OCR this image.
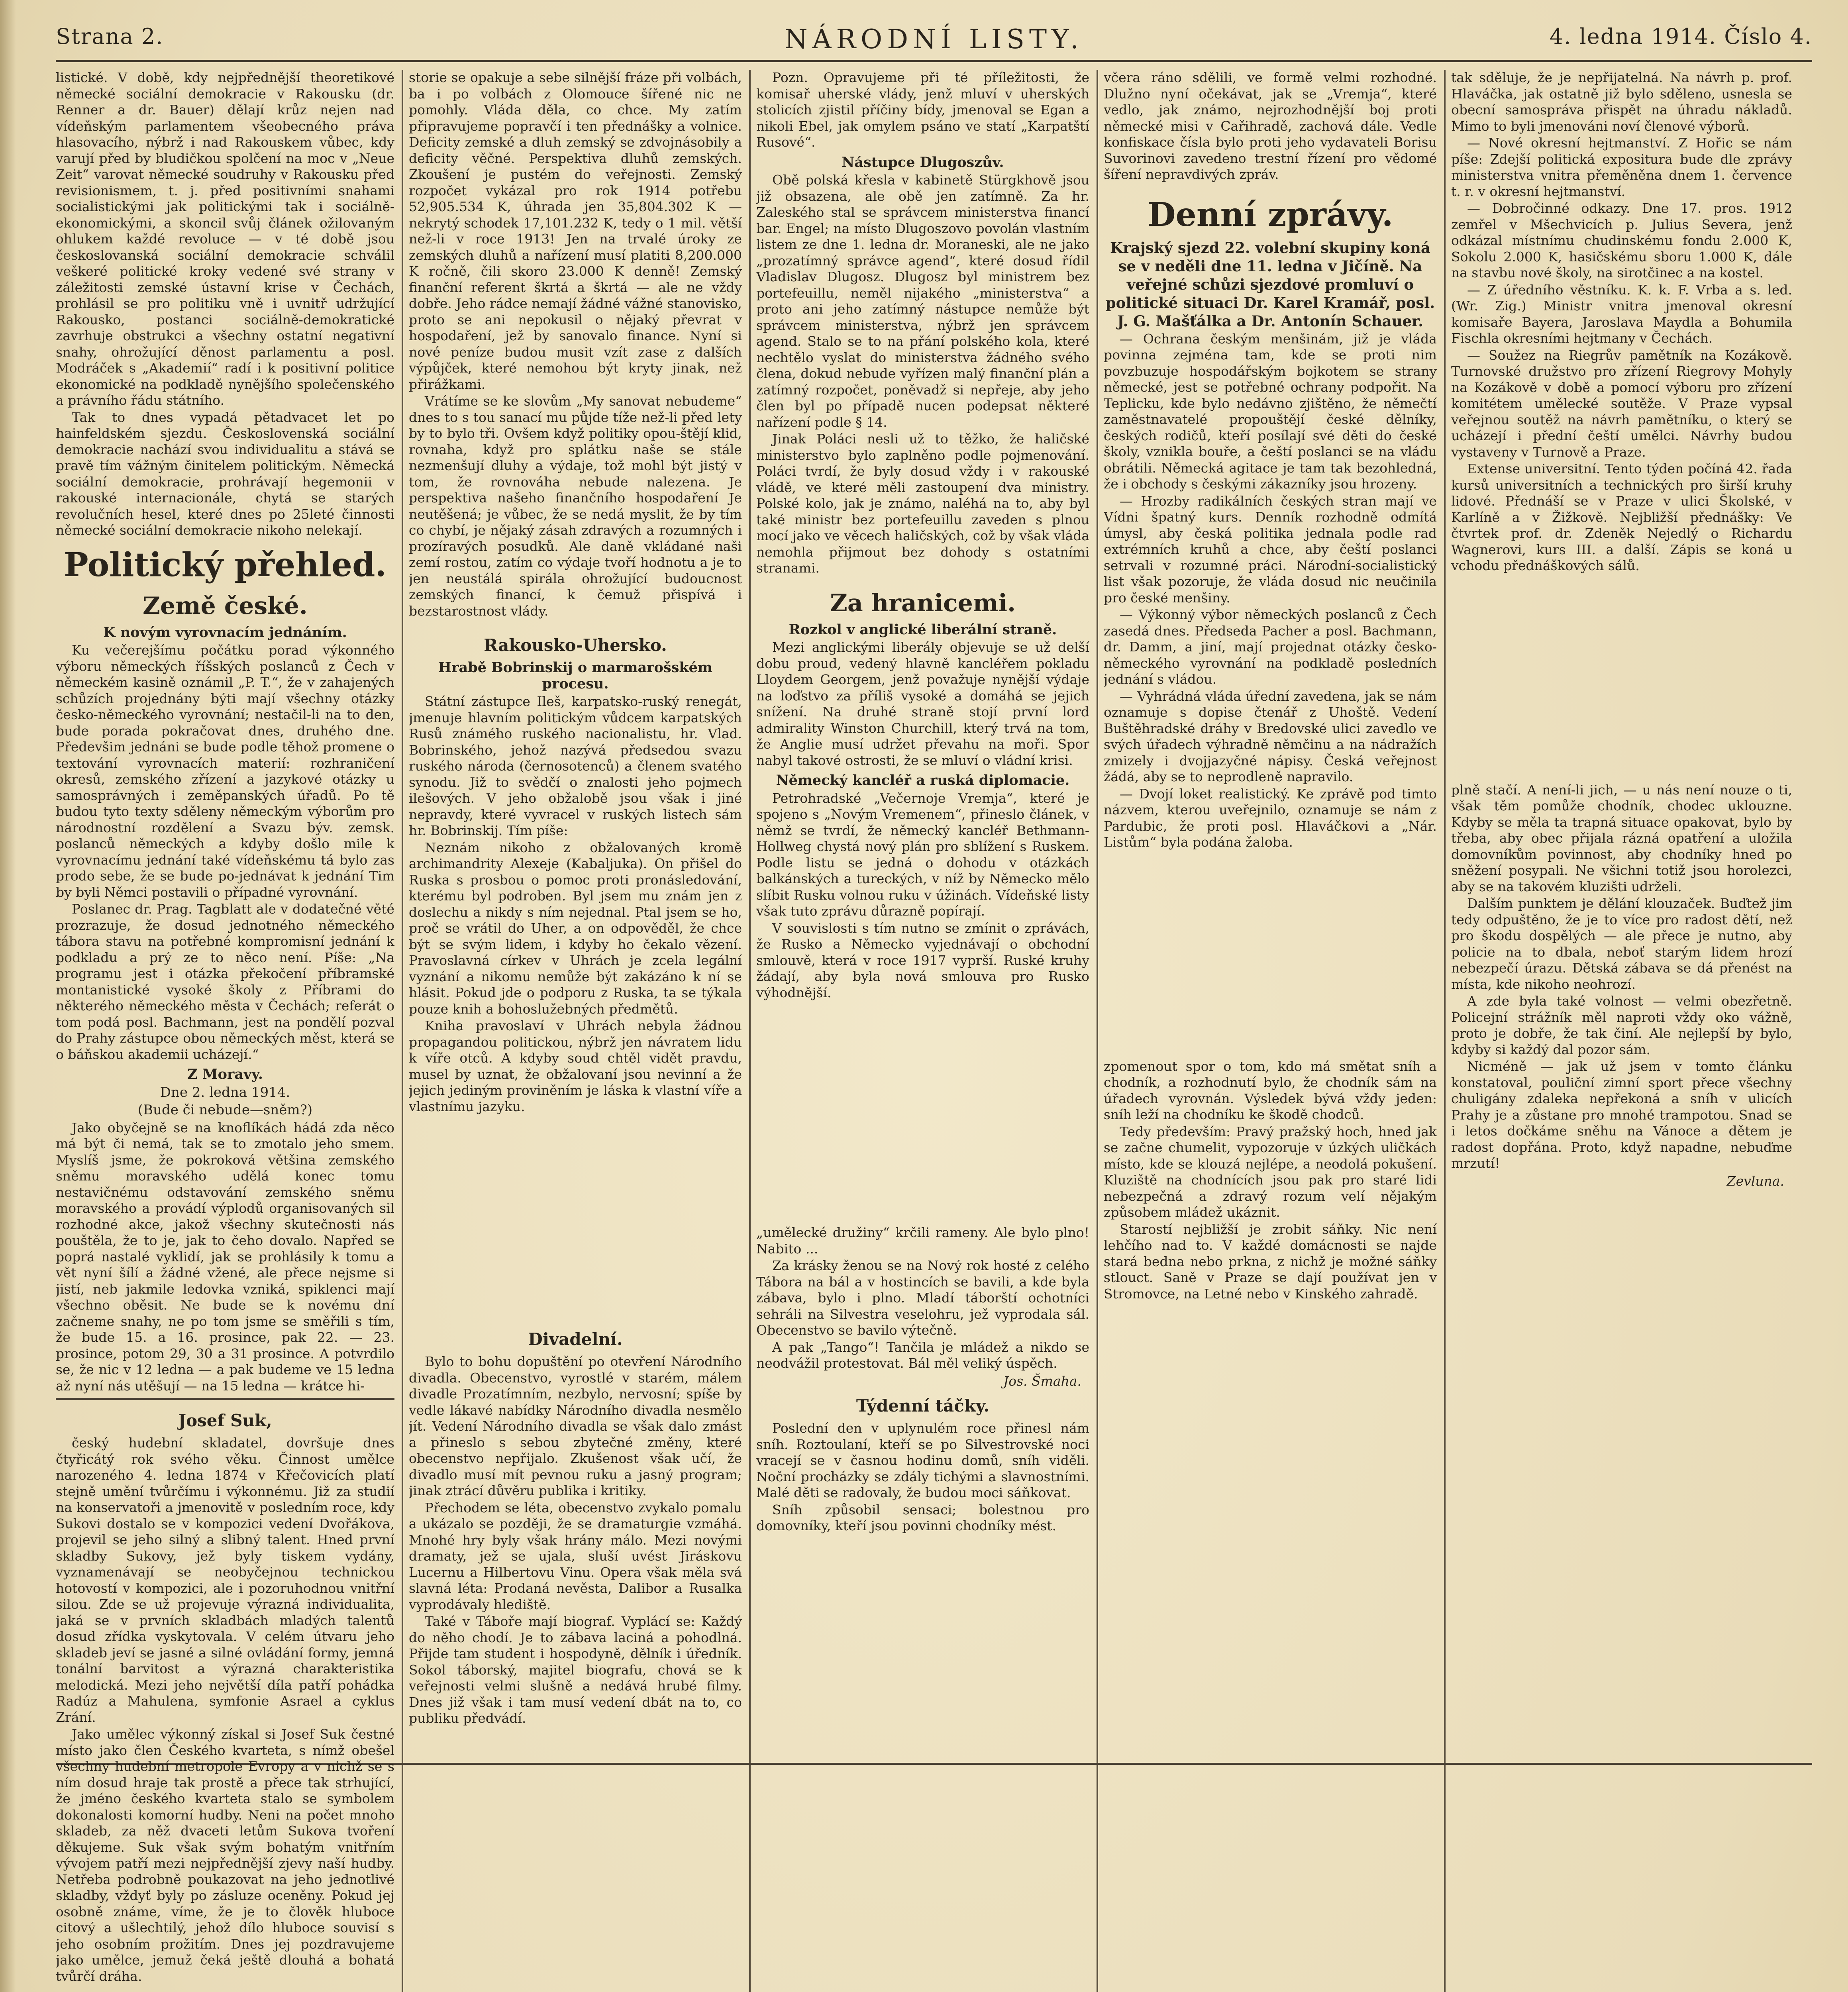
Strana 2.	NÁRODNÍ LISTY.	4. ledna 1914. Číslo 4.

listické. V době, kdy nejpřednější theoretikové německé sociální demokracie v Rakousku (dr. Renner a dr. Bauer) dělají krůz nejen nad vídeňským parlamentem všeobecného práva hlasovacího, nýbrž i nad Rakouskem vůbec, kdy varují před by bludičkou spolčení na moc v „Neue Zeit“ varovat německé soudruhy v Rakousku před revisionismem, t. j. před positivními snahami socialistickými jak politickými tak i sociálně-ekonomickými, a skoncil svůj článek ožilovaným ohlukem každé revoluce — v té době jsou českoslovanská sociální demokracie schválil veškeré politické kroky vedené své strany v záležitosti zemské ústavní krise v Čechách, prohlásil se pro politiku vně i uvnitř udržující Rakousko, postanci sociálně-demokratické zavrhuje obstrukci a všechny ostatní negativní snahy, ohrožující děnost parlamentu a posl. Modráček s „Akademií“ radí i k positivní politice ekonomické na podkladě nynějšího společenského a právního řádu státního.

Tak to dnes vypadá pětadvacet let po hainfeldském sjezdu. Československá sociální demokracie nachází svou individualitu a stává se pravě tím vážným činitelem politickým. Německá sociální demokracie, prohrávají hegemonii v rakouské internacionále, chytá se starých revolučních hesel, které dnes po 25leté činnosti německé sociální demokracie nikoho nelekají.

Politický přehled.
Země české.
K novým vyrovnacím jednáním.

Ku večerejšímu počátku porad výkonného výboru německých říšských poslanců z Čech v německém kasině oznámil „P. T.“, že v zahajených schůzích projednány býti mají všechny otázky česko-německého vyrovnání; nestačil-li na to den, bude porada pokračovat dnes, druhého dne. Předevšim jednáni se bude podle těhož promene o textování vyrovnacích materií: rozhraničení okresů, zemského zřízení a jazykové otázky u samosprávných i zeměpanských úřadů. Po tě budou tyto texty sděleny německým výborům pro národnostní rozdělení a Svazu býv. zemsk. poslanců německých a kdyby došlo mile k vyrovnacímu jednání také vídeňskému tá bylo zas prodo sebe, že se bude po-jednávat k jednání Tim by byli Němci postavili o případné vyrovnání.

Poslanec dr. Prag. Tagblatt ale v dodatečné věté prozrazuje, že dosud jednotného německého tábora stavu na potřebné kompromisní jednání k podkladu a prý ze to něco není. Píše: „Na programu jest i otázka překočení příbramské montanistické vysoké školy z Příbrami do některého německého města v Čechách; referát o tom podá posl. Bachmann, jest na pondělí pozval do Prahy zástupce obou německých měst, která se o báňskou akademii ucházejí.“

Z Moravy.
Dne 2. ledna 1914.
(Bude či nebude—sněm?)

Jako obyčejně se na knoflíkách hádá zda něco má být či nemá, tak se to zmotalo jeho smem. Myslíš jsme, že pokroková většina zemského sněmu moravského udělá konec tomu nestavičnému odstavování zemského sněmu moravského a provádí výplodů organisovaných sil rozhodné akce, jakož všechny skutečnosti nás pouštěla, že to je, jak to čeho dovalo. Napřed se poprá nastalé vyklidí, jak se prohlásily k tomu a vět nyní šílí a žádné vžené, ale přece nejsme si jistí, neb jakmile ledovka vzniká, spiklenci mají všechno oběsit. Ne bude se k novému dní začneme snahy, ne po tom jsme se směřili s tím, že bude 15. a 16. prosince, pak 22. — 23. prosince, potom 29, 30 a 31 prosince. A potvrdilo se, že nic v 12 ledna — a pak budeme ve 15 ledna až nyní nás utěšují — na 15 ledna — krátce hi-

Josef Suk,

český hudební skladatel, dovršuje dnes čtyřicátý rok svého věku. Činnost umělce narozeného 4. ledna 1874 v Křečovicích platí stejně umění tvůrčímu i výkonnému. Již za studií na konservatoři a jmenovitě v posledním roce, kdy Sukovi dostalo se v kompozici vedení Dvořákova, projevil se jeho silný a slibný talent. Hned první skladby Sukovy, jež byly tiskem vydány, vyznamenávají se neobyčejnou technickou hotovostí v kompozici, ale i pozoruhodnou vnitřní silou. Zde se už projevuje výrazná individualita, jaká se v prvních skladbách mladých talentů dosud zřídka vyskytovala. V celém útvaru jeho skladeb jeví se jasné a silné ovládání formy, jemná tonální barvitost a výrazná charakteristika melodická. Mezi jeho největší díla patří pohádka Radúz a Mahulena, symfonie Asrael a cyklus Zrání.

Jako umělec výkonný získal si Josef Suk čestné místo jako člen Českého kvarteta, s nímž obešel všechny hudební metropole Evropy a v nichž se s ním dosud hraje tak prostě a přece tak strhující, že jméno českého kvarteta stalo se symbolem dokonalosti komorní hudby. Neni na počet mnoho skladeb, za něž dvaceti letům Sukova tvoření děkujeme. Suk však svým bohatým vnitřním vývojem patří mezi nejpřednější zjevy naší hudby. Netřeba podrobně poukazovat na jeho jednotlivé skladby, vždyť byly po zásluze oceněny. Pokud jej osobně známe, víme, že je to člověk hluboce citový a ušlechtilý, jehož dílo hluboce souvisí s jeho osobním prožitím. Dnes jej pozdravujeme jako umělce, jemuž čeká ještě dlouhá a bohatá tvůrčí dráha.

storie se opakuje a sebe silnější fráze při volbách, ba i po volbách z Olomouce šířené nic ne pomohly. Vláda děla, co chce. My zatím připravujeme popravčí i ten přednášky a volnice. Deficity zemské a dluh zemský se zdvojnásobily a deficity věčné. Perspektiva dluhů zemských. Zkoušení je pustém do veřejnosti. Zemský rozpočet vykázal pro rok 1914 potřebu 52,905.534 K, úhrada jen 35,804.302 K — nekrytý schodek 17,101.232 K, tedy o 1 mil. větší než-li v roce 1913! Jen na trvalé úroky ze zemských dluhů a nařízení musí platiti 8,200.000 K ročně, čili skoro 23.000 K denně! Zemský finanční referent škrtá a škrtá — ale ne vždy dobře. Jeho rádce nemají žádné vážné stanovisko, proto se ani nepokusil o nějaký převrat v hospodaření, jež by sanovalo finance. Nyní si nové peníze budou musit vzít zase z dalších výpůjček, které nemohou být kryty jinak, než přirážkami.

Vrátíme se ke slovům „My sanovat nebudeme“ dnes to s tou sanací mu půjde tíže než-li před lety by to bylo tři. Ovšem když politiky opou-štějí klid, rovnaha, když pro splátku naše se stále nezmenšují dluhy a výdaje, tož mohl být jistý v tom, že rovnováha nebude nalezena. Je perspektiva našeho finančního hospodaření Je neutěšená; je vůbec, že se nedá myslit, že by tím co chybí, je nějaký zásah zdravých a rozumných i prozíravých posudků. Ale daně vkládané naši zemí rostou, zatím co výdaje tvoří hodnotu a je to jen neustálá spirála ohrožující budoucnost zemských financí, k čemuž přispívá i bezstarostnost vlády.

Rakousko-Uhersko.
Hrabě Bobrinskij o marmarošském procesu.

Státní zástupce Ileš, karpatsko-ruský renegát, jmenuje hlavním politickým vůdcem karpatských Rusů známého ruského nacionalistu, hr. Vlad. Bobrinského, jehož nazývá předsedou svazu ruského národa (černosotenců) a členem svatého synodu. Již to svědčí o znalosti jeho pojmech ilešových. V jeho obžalobě jsou však i jiné nepravdy, které vyvracel v ruských listech sám hr. Bobrinskij. Tím píše:

Neznám nikoho z obžalovaných kromě archimandrity Alexeje (Kabaljuka). On přišel do Ruska s prosbou o pomoc proti pronásledování, kterému byl podroben. Byl jsem mu znám jen z doslechu a nikdy s ním nejednal. Ptal jsem se ho, proč se vrátil do Uher, a on odpověděl, že chce být se svým lidem, i kdyby ho čekalo vězení. Pravoslavná církev v Uhrách je zcela legální vyznání a nikomu nemůže být zakázáno k ní se hlásit. Pokud jde o podporu z Ruska, ta se týkala pouze knih a bohoslužebných předmětů.

Kniha pravoslaví v Uhrách nebyla žádnou propagandou politickou, nýbrž jen návratem lidu k víře otců. A kdyby soud chtěl vidět pravdu, musel by uznat, že obžalovaní jsou nevinní a že jejich jediným proviněním je láska k vlastní víře a vlastnímu jazyku.

Divadelní.

Bylo to bohu dopuštění po otevření Národního divadla. Obecenstvo, vyrostlé v starém, málem divadle Prozatímním, nezbylo, nervosní; spíše by vedle lákavé nabídky Národního divadla nesmělo jít. Vedení Národního divadla se však dalo zmást a přineslo s sebou zbytečné změny, které obecenstvo nepřijalo. Zkušenost však učí, že divadlo musí mít pevnou ruku a jasný program; jinak ztrácí důvěru publika i kritiky.

Přechodem se léta, obecenstvo zvykalo pomalu a ukázalo se později, že se dramaturgie vzmáhá. Mnohé hry byly však hrány málo. Mezi novými dramaty, jež se ujala, sluší uvést Jiráskovu Lucernu a Hilbertovu Vinu. Opera však měla svá slavná léta: Prodaná nevěsta, Dalibor a Rusalka vyprodávaly hlediště.

Také v Táboře mají biograf. Vyplácí se: Každý do něho chodí. Je to zábava laciná a pohodlná. Přijde tam student i hospodyně, dělník i úředník. Sokol táborský, majitel biografu, chová se k veřejnosti velmi slušně a nedává hrubé filmy. Dnes již však i tam musí vedení dbát na to, co publiku předvádí.

Pozn. Opravujeme při té příležitosti, že komisař uherské vlády, jenž mluví v uherských stolicích zjistil příčiny bídy, jmenoval se Egan a nikoli Ebel, jak omylem psáno ve statí „Karpatští Rusové“.

Nástupce Dlugoszův.

Obě polská křesla v kabinetě Stürgkhově jsou již obsazena, ale obě jen zatímně. Za hr. Zaleského stal se správcem ministerstva financí bar. Engel; na místo Dlugoszovo povolán vlastním listem ze dne 1. ledna dr. Moraneski, ale ne jako „prozatímný správce agend“, které dosud řídil Vladislav Dlugosz. Dlugosz byl ministrem bez portefeuillu, neměl nijakého „ministerstva“ a proto ani jeho zatímný nástupce nemůže být správcem ministerstva, nýbrž jen správcem agend. Stalo se to na přání polského kola, které nechtělo vyslat do ministerstva žádného svého člena, dokud nebude vyřízen malý finanční plán a zatímný rozpočet, poněvadž si nepřeje, aby jeho člen byl po případě nucen podepsat některé nařízení podle § 14.

Jinak Poláci nesli už to těžko, že haličské ministerstvo bylo zaplněno podle pojmenování. Poláci tvrdí, že byly dosud vždy i v rakouské vládě, ve které měli zastoupení dva ministry. Polské kolo, jak je známo, naléhá na to, aby byl také ministr bez portefeuillu zaveden s plnou mocí jako ve věcech haličských, což by však vláda nemohla přijmout bez dohody s ostatními stranami.

Za hranicemi.
Rozkol v anglické liberální straně.

Mezi anglickými liberály objevuje se už delší dobu proud, vedený hlavně kancléřem pokladu Lloydem Georgem, jenž považuje nynější výdaje na loďstvo za příliš vysoké a domáhá se jejich snížení. Na druhé straně stojí první lord admirality Winston Churchill, který trvá na tom, že Anglie musí udržet převahu na moři. Spor nabyl takové ostrosti, že se mluví o vládní krisi.

Německý kancléř a ruská diplomacie.

Petrohradské „Večernoje Vremja“, které je spojeno s „Novým Vremenem“, přineslo článek, v němž se tvrdí, že německý kancléř Bethmann-Hollweg chystá nový plán pro sblížení s Ruskem. Podle listu se jedná o dohodu v otázkách balkánských a tureckých, v níž by Německo mělo slíbit Rusku volnou ruku v úžinách. Vídeňské listy však tuto zprávu důrazně popírají.

V souvislosti s tím nutno se zmínit o zprávách, že Rusko a Německo vyjednávají o obchodní smlouvě, která v roce 1917 vyprší. Ruské kruhy žádají, aby byla nová smlouva pro Rusko výhodnější.

„umělecké družiny“ krčili rameny. Ale bylo plno! Nabito ...

Za krásky ženou se na Nový rok hosté z celého Tábora na bál a v hostincích se bavili, a kde byla zábava, bylo i plno. Mladí táborští ochotníci sehráli na Silvestra veselohru, jež vyprodala sál. Obecenstvo se bavilo výtečně.

A pak „Tango“! Tančila je mládež a nikdo se neodvážil protestovat. Bál měl veliký úspěch.

Jos. Šmaha.
Týdenní táčky.

Poslední den v uplynulém roce přinesl nám sníh. Roztoulaní, kteří se po Silvestrovské noci vracejí se v časnou hodinu domů, sníh viděli. Noční procházky se zdály tichými a slavnostními. Malé děti se radovaly, že budou moci sáňkovat.

Sníh způsobil sensaci; bolestnou pro domovníky, kteří jsou povinni chodníky mést.

včera ráno sdělili, ve formě velmi rozhodné. Dlužno nyní očekávat, jak se „Vremja“, které vedlo, jak známo, nejrozhodnější boj proti německé misi v Cařihradě, zachová dále. Vedle konfiskace čísla bylo proti jeho vydavateli Borisu Suvorinovi zavedeno trestní řízení pro vědomé šíření nepravdivých zpráv.

Denní zprávy.

Krajský sjezd 22. volební skupiny koná se v neděli dne 11. ledna v Jičíně. Na veřejné schůzi sjezdové promluví o politické situaci Dr. Karel Kramář, posl. J. G. Mašťálka a Dr. Antonín Schauer.

— Ochrana českým menšinám, již je vláda povinna zejména tam, kde se proti nim povzbuzuje hospodářským bojkotem se strany německé, jest se potřebné ochrany podpořit. Na Teplicku, kde bylo nedávno zjištěno, že němečtí zaměstnavatelé propouštějí české dělníky, českých rodičů, kteří posílají své děti do české školy, vznikla bouře, a čeští poslanci se na vládu obrátili. Německá agitace je tam tak bezohledná, že i obchody s českými zákazníky jsou hrozeny.

— Hrozby radikálních českých stran mají ve Vídni špatný kurs. Denník rozhodně odmítá úmysl, aby česká politika jednala podle rad extrémních kruhů a chce, aby čeští poslanci setrvali v rozumné práci. Národní-socialistický list však pozoruje, že vláda dosud nic neučinila pro české menšiny.

— Výkonný výbor německých poslanců z Čech zasedá dnes. Předseda Pacher a posl. Bachmann, dr. Damm, a jiní, mají projednat otázky česko-německého vyrovnání na podkladě posledních jednání s vládou.

— Vyhrádná vláda úřední zavedena, jak se nám oznamuje s dopise čtenář z Uhoště. Vedení Buštěhradské dráhy v Bredovské ulici zavedlo ve svých úřadech výhradně němčinu a na nádražích zmizely i dvojjazyčné nápisy. Česká veřejnost žádá, aby se to neprodleně napravilo.

— Dvojí loket realistický. Ke zprávě pod timto názvem, kterou uveřejnilo, oznamuje se nám z Pardubic, že proti posl. Hlaváčkovi a „Nár. Listům“ byla podána žaloba.

zpomenout spor o tom, kdo má smětat sníh a chodník, a rozhodnutí bylo, že chodník sám na úřadech vyrovnán. Výsledek bývá vždy jeden: sníh leží na chodníku ke škodě chodců.

Tedy především: Pravý pražský hoch, hned jak se začne chumelit, vypozoruje v úzkých uličkách místo, kde se klouzá nejlépe, a neodolá pokušení. Kluziště na chodnících jsou pak pro staré lidi nebezpečná a zdravý rozum velí nějakým způsobem mládež ukáznit.

Starostí nejbližší je zrobit sáňky. Nic není lehčího nad to. V každé domácnosti se najde stará bedna nebo prkna, z nichž je možné sáňky stlouct. Saně v Praze se dají používat jen v Stromovce, na Letné nebo v Kinského zahradě.

tak sděluje, že je nepřijatelná. Na návrh p. prof. Hlaváčka, jak ostatně již bylo sděleno, usnesla se obecní samospráva přispět na úhradu nákladů. Mimo to byli jmenováni noví členové výborů.

— Nové okresní hejtmanství. Z Hořic se nám píše: Zdejší politická expositura bude dle zprávy ministerstva vnitra přeměněna dnem 1. července t. r. v okresní hejtmanství.

— Dobročinné odkazy. Dne 17. pros. 1912 zemřel v Mšechvicích p. Julius Severa, jenž odkázal místnímu chudinskému fondu 2.000 K, Sokolu 2.000 K, hasičskému sboru 1.000 K, dále na stavbu nové školy, na sirotčinec a na kostel.

— Z úředního věstníku. K. k. F. Vrba a s. led. (Wr. Zig.) Ministr vnitra jmenoval okresní komisaře Bayera, Jaroslava Maydla a Bohumila Fischla okresními hejtmany v Čechách.

— Soužez na Riegrův pamětník na Kozákově. Turnovské družstvo pro zřízení Riegrovy Mohyly na Kozákově v době a pomocí výboru pro zřízení komitétem umělecké soutěže. V Praze vypsal veřejnou soutěž na návrh pamětníku, o který se ucházejí i přední čeští umělci. Návrhy budou vystaveny v Turnově a Praze.

Extense universitní. Tento týden počíná 42. řada kursů universitních a technických pro širší kruhy lidové. Přednáší se v Praze v ulici Školské, v Karlíně a v Žižkově. Nejbližší přednášky: Ve čtvrtek prof. dr. Zdeněk Nejedlý o Richardu Wagnerovi, kurs III. a další. Zápis se koná u vchodu přednáškových sálů.

plně stačí. A není-li jich, — u nás není nouze o ti, však těm pomůže chodník, chodec uklouzne. Kdyby se měla ta trapná situace opakovat, bylo by třeba, aby obec přijala rázná opatření a uložila domovníkům povinnost, aby chodníky hned po sněžení posypali. Ne všichni totiž jsou horolezci, aby se na takovém kluzišti udrželi.

Dalším punktem je dělání klouzaček. Buďtež jim tedy odpuštěno, že je to více pro radost dětí, než pro škodu dospělých — ale přece je nutno, aby policie na to dbala, neboť starým lidem hrozí nebezpečí úrazu. Dětská zábava se dá přenést na místa, kde nikoho neohrozí.

A zde byla také volnost — velmi obezřetně. Policejní strážník měl naproti vždy oko vážně, proto je dobře, že tak činí. Ale nejlepší by bylo, kdyby si každý dal pozor sám.

Nicméně — jak už jsem v tomto článku konstatoval, pouliční zimní sport přece všechny chuligány zdaleka nepřekoná a sníh v ulicích Prahy je a zůstane pro mnohé trampotou. Snad se i letos dočkáme sněhu na Vánoce a dětem je radost dopřána. Proto, když napadne, nebuďme mrzutí!

Zevluna.
